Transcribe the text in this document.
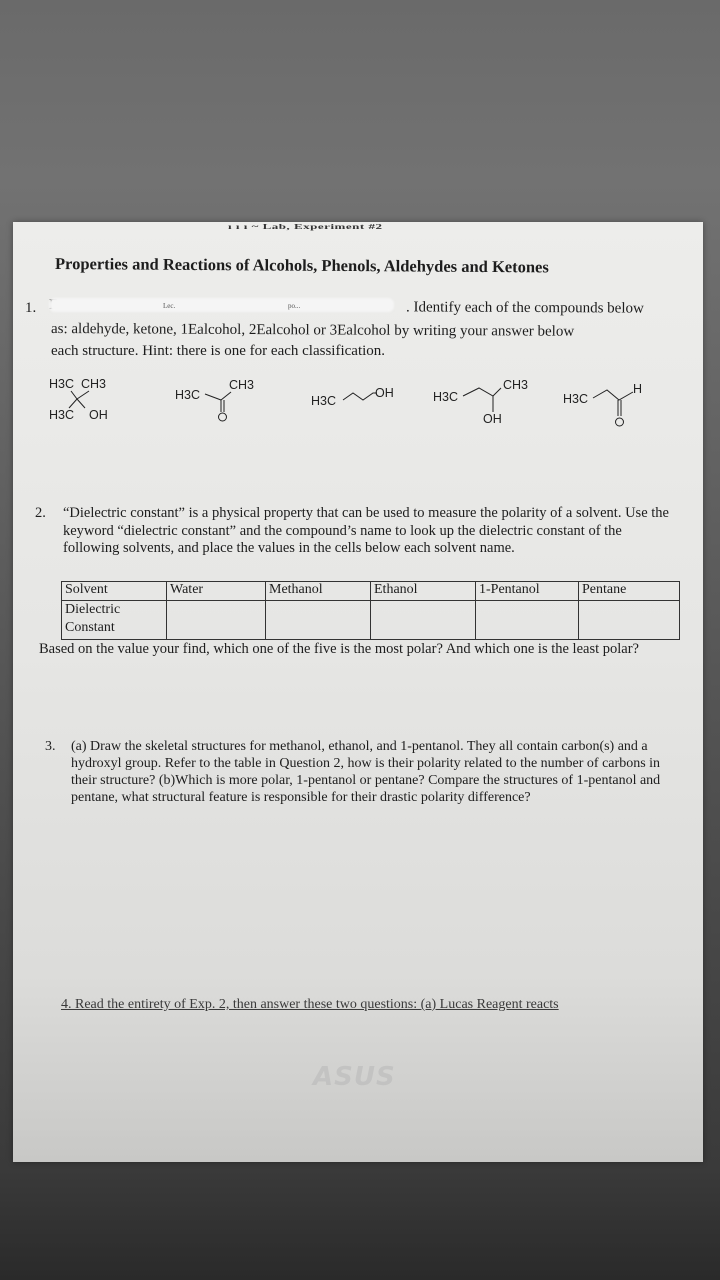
ı ı ı ~ Lab, Experiment #2
Properties and Reactions of Alcohols, Phenols, Aldehydes and Ketones
1.	Lec.	po...	. Identify each of the compounds below
as: aldehyde, ketone, 1Ealcohol, 2Ealcohol or 3Ealcohol by writing your answer below
each structure. Hint: there is one for each classification.
H3C CH3
H3C OH
H3C
CH3
H3C
OH	H3C
CH3
OH
H3C
H
2.	“Dielectric constant” is a physical property that can be used to measure the polarity of a solvent. Use the keyword “dielectric constant” and the compound’s name to look up the dielectric constant of the following solvents, and place the values in the cells below each solvent name.
Solvent	Water	Methanol	Ethanol	1-Pentanol	Pentane
Dielectric Constant					
Based on the value your find, which one of the five is the most polar? And which one is the least polar?
3.	(a) Draw the skeletal structures for methanol, ethanol, and 1-pentanol. They all contain carbon(s) and a hydroxyl group. Refer to the table in Question 2, how is their polarity related to the number of carbons in their structure? (b)Which is more polar, 1-pentanol or pentane? Compare the structures of 1-pentanol and pentane, what structural feature is responsible for their drastic polarity difference?
4. Read the entirety of Exp. 2, then answer these two questions: (a) Lucas Reagent reacts
ASUS
